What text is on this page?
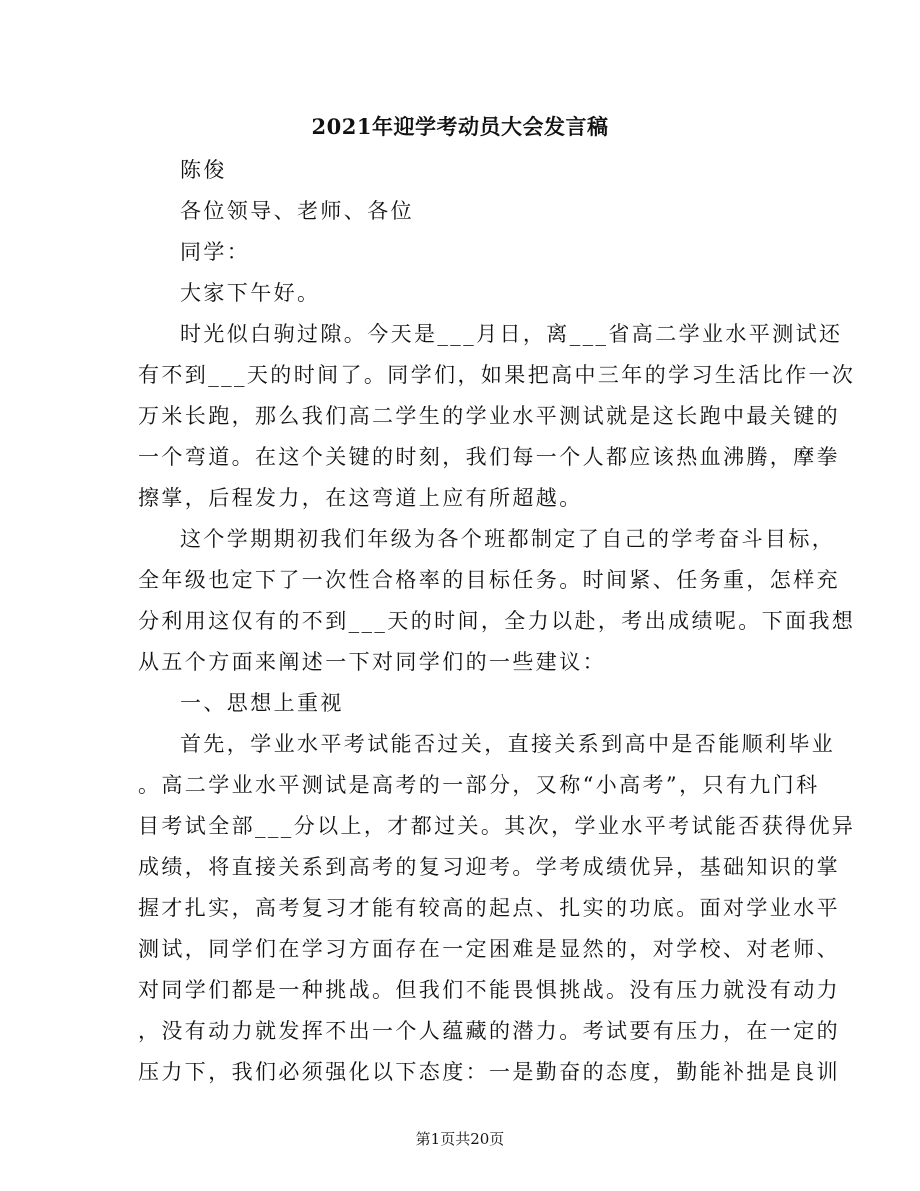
2021年迎学考动员大会发言稿
陈俊
各位领导、老师、各位
同学：
大家下午好。
时光似白驹过隙。今天是___月日，离___省高二学业水平测试还
有不到___天的时间了。同学们，如果把高中三年的学习生活比作一次
万米长跑，那么我们高二学生的学业水平测试就是这长跑中最关键的
一个弯道。在这个关键的时刻，我们每一个人都应该热血沸腾，摩拳
擦掌，后程发力，在这弯道上应有所超越。
这个学期期初我们年级为各个班都制定了自己的学考奋斗目标，
全年级也定下了一次性合格率的目标任务。时间紧、任务重，怎样充
分利用这仅有的不到___天的时间，全力以赴，考出成绩呢。下面我想
从五个方面来阐述一下对同学们的一些建议：
一、思想上重视
首先，学业水平考试能否过关，直接关系到高中是否能顺利毕业
。高二学业水平测试是高考的一部分，又称“小高考”，只有九门科
目考试全部___分以上，才都过关。其次，学业水平考试能否获得优异
成绩，将直接关系到高考的复习迎考。学考成绩优异，基础知识的掌
握才扎实，高考复习才能有较高的起点、扎实的功底。面对学业水平
测试，同学们在学习方面存在一定困难是显然的，对学校、对老师、
对同学们都是一种挑战。但我们不能畏惧挑战。没有压力就没有动力
，没有动力就发挥不出一个人蕴藏的潜力。考试要有压力，在一定的
压力下，我们必须强化以下态度：一是勤奋的态度，勤能补拙是良训
第1页共20页
